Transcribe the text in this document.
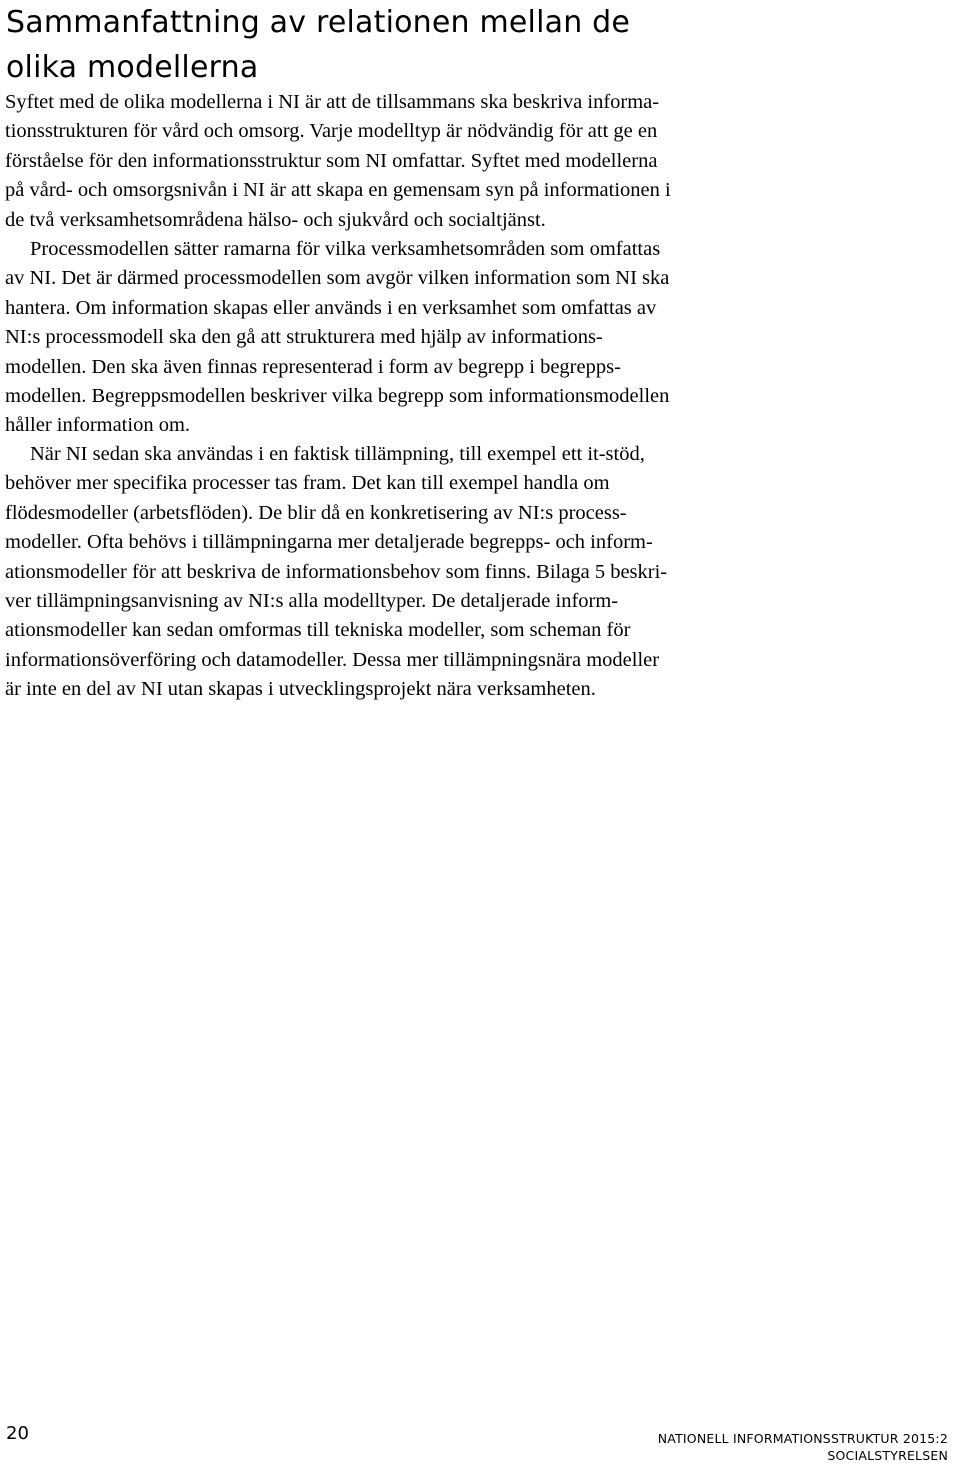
Sammanfattning av relationen mellan de
olika modellerna
Syftet med de olika modellerna i NI är att de tillsammans ska beskriva informa-
tionsstrukturen för vård och omsorg. Varje modelltyp är nödvändig för att ge en
förståelse för den informationsstruktur som NI omfattar. Syftet med modellerna
på vård- och omsorgsnivån i NI är att skapa en gemensam syn på informationen i
de två verksamhetsområdena hälso- och sjukvård och socialtjänst.
Processmodellen sätter ramarna för vilka verksamhetsområden som omfattas
av NI. Det är därmed processmodellen som avgör vilken information som NI ska
hantera. Om information skapas eller används i en verksamhet som omfattas av
NI:s processmodell ska den gå att strukturera med hjälp av informations-
modellen. Den ska även finnas representerad i form av begrepp i begrepps-
modellen. Begreppsmodellen beskriver vilka begrepp som informationsmodellen
håller information om.
När NI sedan ska användas i en faktisk tillämpning, till exempel ett it-stöd,
behöver mer specifika processer tas fram. Det kan till exempel handla om
flödesmodeller (arbetsflöden). De blir då en konkretisering av NI:s process-
modeller. Ofta behövs i tillämpningarna mer detaljerade begrepps- och inform-
ationsmodeller för att beskriva de informationsbehov som finns. Bilaga 5 beskri-
ver tillämpningsanvisning av NI:s alla modelltyper. De detaljerade inform-
ationsmodeller kan sedan omformas till tekniska modeller, som scheman för
informationsöverföring och datamodeller. Dessa mer tillämpningsnära modeller
är inte en del av NI utan skapas i utvecklingsprojekt nära verksamheten.
20	NATIONELL INFORMATIONSSTRUKTUR 2015:2
SOCIALSTYRELSEN
